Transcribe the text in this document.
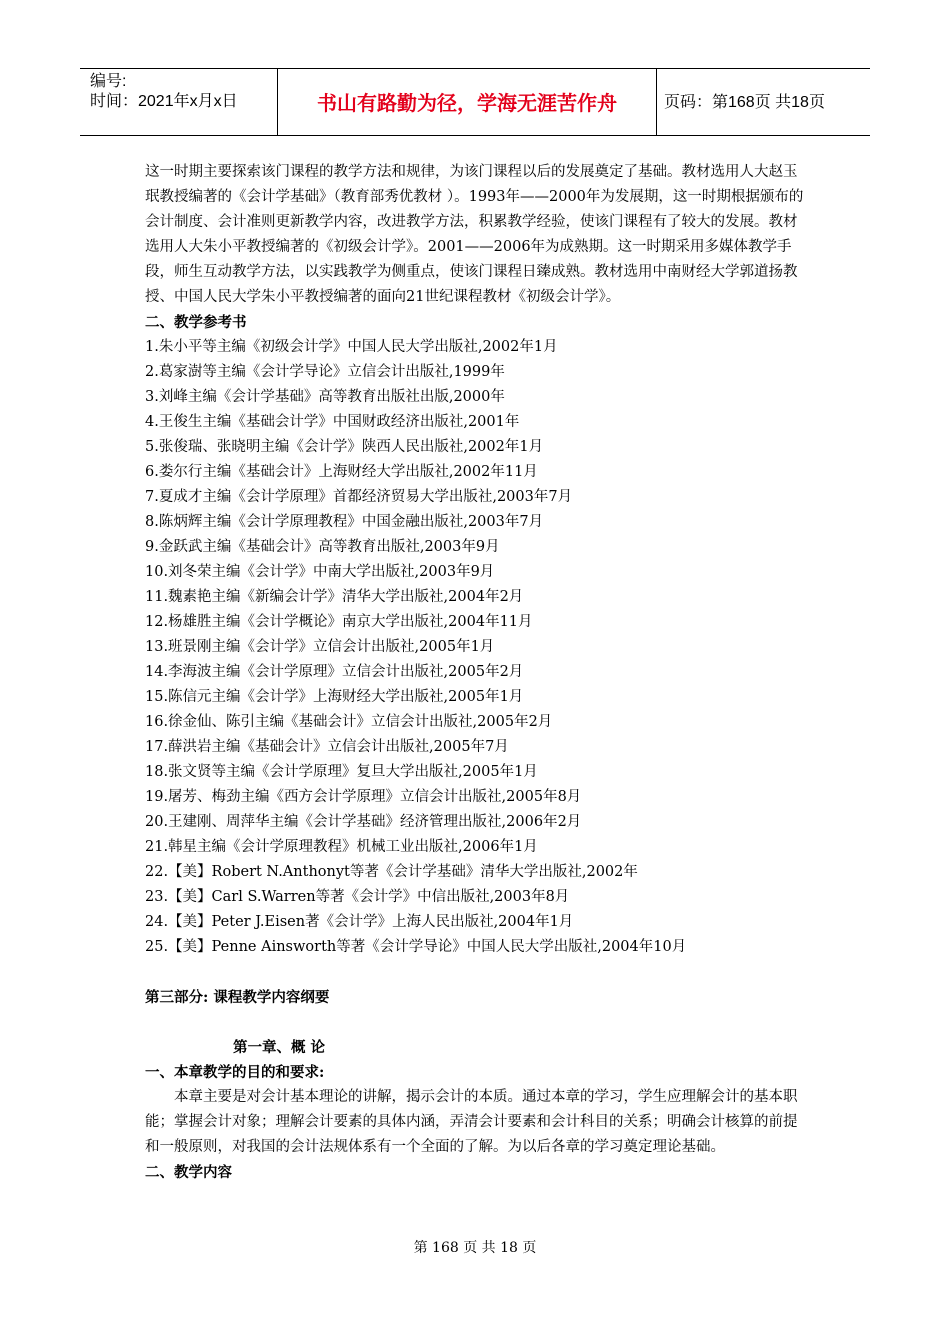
编号:
时间：2021年x月x日	书山有路勤为径，学海无涯苦作舟	页码：第168页 共18页

这一时期主要探索该门课程的教学方法和规律，为该门课程以后的发展奠定了基础。教材选用人大赵玉珉教授编著的《会计学基础》（教育部秀优教材 ）。1993年——2000年为发展期，这一时期根据颁布的会计制度、会计准则更新教学内容，改进教学方法，积累教学经验，使该门课程有了较大的发展。教材选用人大朱小平教授编著的《初级会计学》。2001——2006年为成熟期。这一时期采用多媒体教学手段，师生互动教学方法，以实践教学为侧重点，使该门课程日臻成熟。教材选用中南财经大学郭道扬教授、中国人民大学朱小平教授编著的面向21世纪课程教材《初级会计学》。

二、教学参考书

1.朱小平等主编《初级会计学》中国人民大学出版社,2002年1月
2.葛家澍等主编《会计学导论》立信会计出版社,1999年
3.刘峰主编《会计学基础》高等教育出版社出版,2000年
4.王俊生主编《基础会计学》中国财政经济出版社,2001年
5.张俊瑞、张晓明主编《会计学》陕西人民出版社,2002年1月
6.娄尔行主编《基础会计》上海财经大学出版社,2002年11月
7.夏成才主编《会计学原理》首都经济贸易大学出版社,2003年7月
8.陈炳辉主编《会计学原理教程》中国金融出版社,2003年7月
9.金跃武主编《基础会计》高等教育出版社,2003年9月
10.刘冬荣主编《会计学》中南大学出版社,2003年9月
11.魏素艳主编《新编会计学》清华大学出版社,2004年2月
12.杨雄胜主编《会计学概论》南京大学出版社,2004年11月
13.班景刚主编《会计学》立信会计出版社,2005年1月
14.李海波主编《会计学原理》立信会计出版社,2005年2月
15.陈信元主编《会计学》上海财经大学出版社,2005年1月
16.徐金仙、陈引主编《基础会计》立信会计出版社,2005年2月
17.薛洪岩主编《基础会计》立信会计出版社,2005年7月
18.张文贤等主编《会计学原理》复旦大学出版社,2005年1月
19.屠芳、梅劲主编《西方会计学原理》立信会计出版社,2005年8月
20.王建刚、周萍华主编《会计学基础》经济管理出版社,2006年2月
21.韩星主编《会计学原理教程》机械工业出版社,2006年1月
22.【美】Robert N.Anthonyt等著《会计学基础》清华大学出版社,2002年
23.【美】Carl S.Warren等著《会计学》中信出版社,2003年8月
24.【美】Peter J.Eisen著《会计学》上海人民出版社,2004年1月
25.【美】Penne Ainsworth等著《会计学导论》中国人民大学出版社,2004年10月

第三部分: 课程教学内容纲要

第一章、概 论

一、本章教学的目的和要求:

本章主要是对会计基本理论的讲解，揭示会计的本质。通过本章的学习，学生应理解会计的基本职能；掌握会计对象；理解会计要素的具体内涵，弄清会计要素和会计科目的关系；明确会计核算的前提和一般原则，对我国的会计法规体系有一个全面的了解。为以后各章的学习奠定理论基础。

二、教学内容

第 168 页 共 18 页
